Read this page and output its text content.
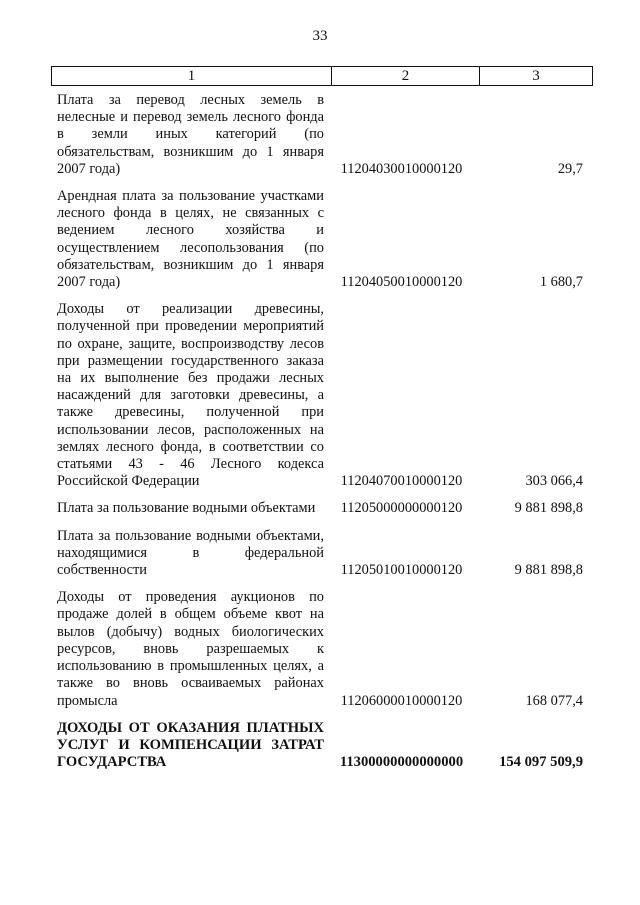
33
1	2	3
Плата за перевод лесных земель в нелесные и перевод земель лесного фонда в земли иных категорий (по обязательствам, возникшим до 1 января 2007 года)	11204030010000120	29,7
Арендная плата за пользование участками лесного фонда в целях, не связанных с ведением лесного хозяйства и осуществлением лесопользования (по обязательствам, возникшим до 1 января 2007 года)	11204050010000120	1 680,7
Доходы от реализации древесины, полученной при проведении мероприятий по охране, защите, воспроизводству лесов при размещении государственного заказа на их выполнение без продажи лесных насаждений для заготовки древесины, а также древесины, полученной при использовании лесов, расположенных на землях лесного фонда, в соответствии со статьями 43 - 46 Лесного кодекса Российской Федерации	11204070010000120	303 066,4
Плата за пользование водными объектами	11205000000000120	9 881 898,8
Плата за пользование водными объектами, находящимися в федеральной собственности	11205010010000120	9 881 898,8
Доходы от проведения аукционов по продаже долей в общем объеме квот на вылов (добычу) водных биологических ресурсов, вновь разрешаемых к использованию в промышленных целях, а также во вновь осваиваемых районах промысла	11206000010000120	168 077,4
ДОХОДЫ ОТ ОКАЗАНИЯ ПЛАТНЫХ УСЛУГ И КОМПЕНСАЦИИ ЗАТРАТ ГОСУДАРСТВА	11300000000000000	154 097 509,9
